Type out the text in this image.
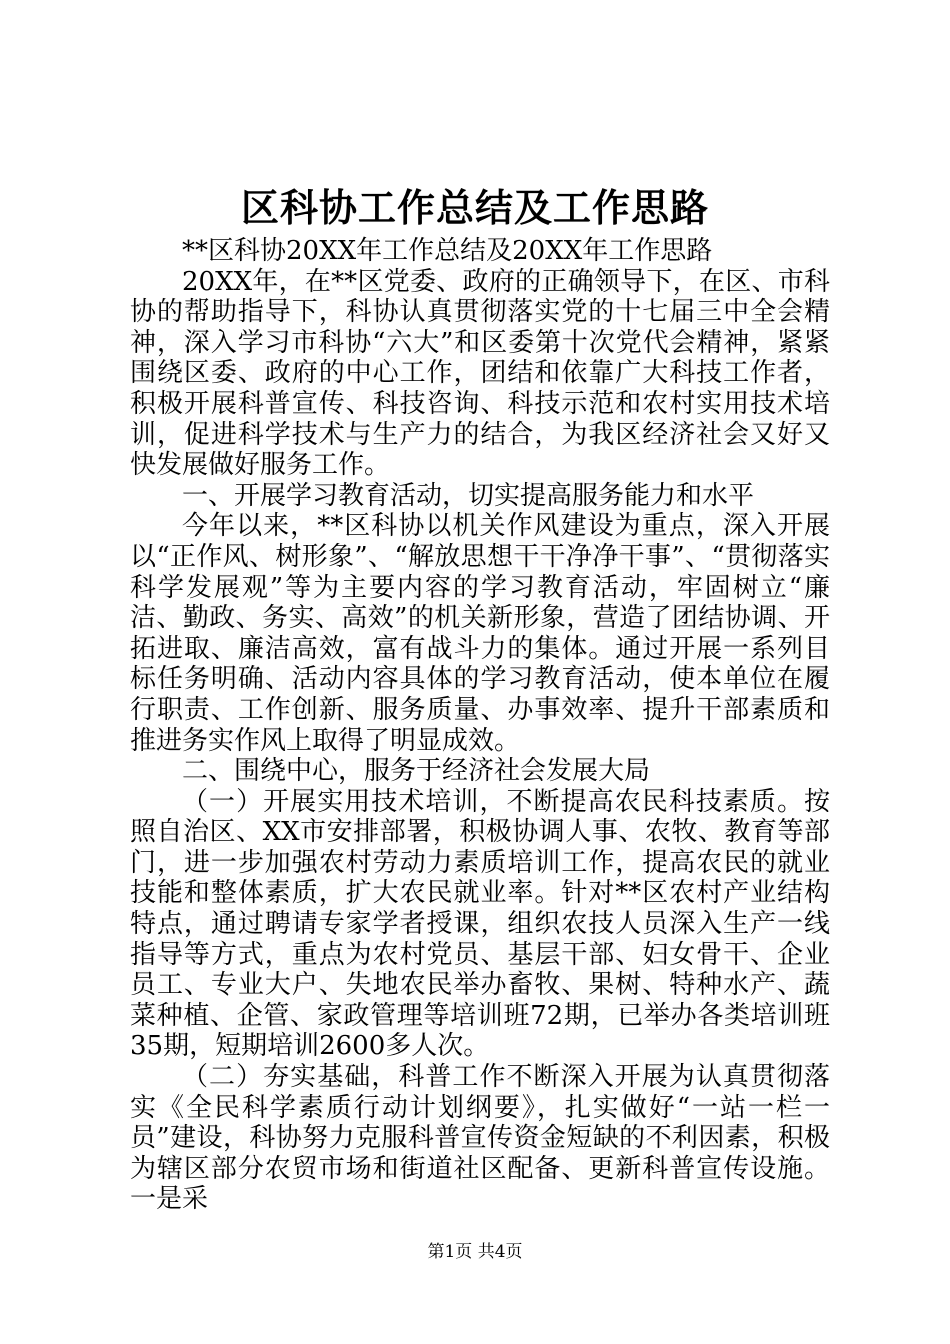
区科协工作总结及工作思路

**区科协20XX年工作总结及20XX年工作思路

20XX年，在**区党委、政府的正确领导下，在区、市科协的帮助指导下，科协认真贯彻落实党的十七届三中全会精神，深入学习市科协“六大”和区委第十次党代会精神，紧紧围绕区委、政府的中心工作，团结和依靠广大科技工作者，积极开展科普宣传、科技咨询、科技示范和农村实用技术培训，促进科学技术与生产力的结合，为我区经济社会又好又快发展做好服务工作。

一、开展学习教育活动，切实提高服务能力和水平

今年以来，**区科协以机关作风建设为重点，深入开展以“正作风、树形象”、“解放思想干干净净干事”、“贯彻落实科学发展观”等为主要内容的学习教育活动，牢固树立“廉洁、勤政、务实、高效”的机关新形象，营造了团结协调、开拓进取、廉洁高效，富有战斗力的集体。通过开展一系列目标任务明确、活动内容具体的学习教育活动，使本单位在履行职责、工作创新、服务质量、办事效率、提升干部素质和推进务实作风上取得了明显成效。

二、围绕中心，服务于经济社会发展大局

（一）开展实用技术培训，不断提高农民科技素质。按照自治区、XX市安排部署，积极协调人事、农牧、教育等部门，进一步加强农村劳动力素质培训工作，提高农民的就业技能和整体素质，扩大农民就业率。针对**区农村产业结构特点，通过聘请专家学者授课，组织农技人员深入生产一线指导等方式，重点为农村党员、基层干部、妇女骨干、企业员工、专业大户、失地农民举办畜牧、果树、特种水产、蔬菜种植、企管、家政管理等培训班72期，已举办各类培训班35期，短期培训2600多人次。

（二）夯实基础，科普工作不断深入开展为认真贯彻落实《全民科学素质行动计划纲要》，扎实做好“一站一栏一员”建设，科协努力克服科普宣传资金短缺的不利因素，积极为辖区部分农贸市场和街道社区配备、更新科普宣传设施。一是采

第1页 共4页
